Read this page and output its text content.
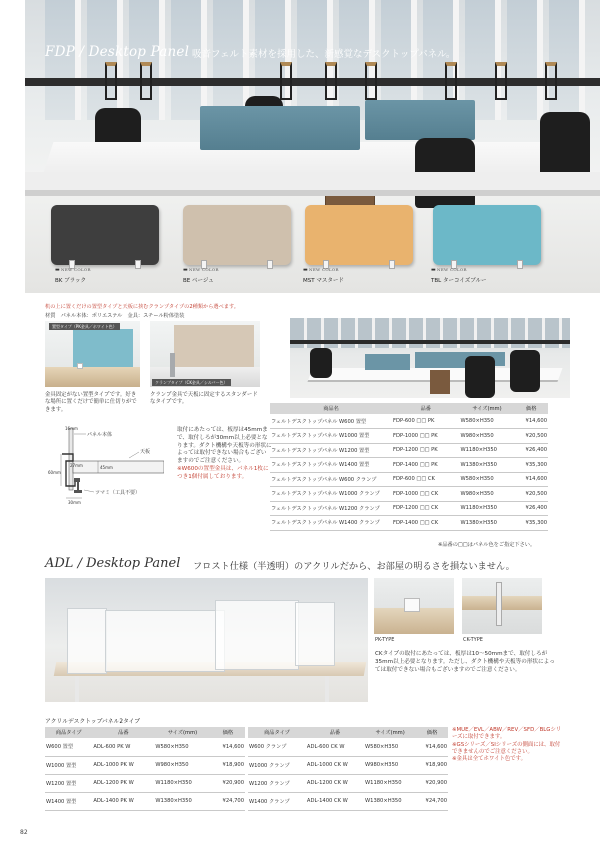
▬ NEW COLOR	▬ NEW COLOR	▬ NEW COLOR	▬ NEW COLOR
BK ブラック	BE ベージュ	MST マスタード	TBL ターコイズブルー
FDP / Desktop Panel 吸音フェルト素材を採用した、新感覚なデスクトップパネル。
机の上に置くだけの置型タイプと天板に挟むクランプタイプの2種類から選べます。
材質　パネル本体：ポリエステル　金具：スチール粉体塗装
置型タイプ（PK金具／ホワイト色）
クランプタイプ（CK金具／シルバー色）
金具固定がない置型タイプです。好きな場所に置くだけで簡単に仕切りができます。
クランプ金具で天板に固定するスタンダードなタイプです。
パネル本体
16mm
天板
27mm	45mm
60mm
ツマミ（工具不要）
30mm
取付にあたっては、板厚は45mmまで、取付しろが30mm以上必要となります。ダクト機構や天板等の形状によっては取付できない場合もございますのでご注意ください。
※W600の置型金具は、パネル1枚につき1個付属しております。
商品名	品番	サイズ(mm)	価格
フェルトデスクトップパネル W600 置型	FDP-600 □□ PK	W580×H350	¥14,600
フェルトデスクトップパネル W1000 置型	FDP-1000 □□ PK	W980×H350	¥20,500
フェルトデスクトップパネル W1200 置型	FDP-1200 □□ PK	W1180×H350	¥26,400
フェルトデスクトップパネル W1400 置型	FDP-1400 □□ PK	W1380×H350	¥35,300
フェルトデスクトップパネル W600 クランプ	FDP-600 □□ CK	W580×H350	¥14,600
フェルトデスクトップパネル W1000 クランプ	FDP-1000 □□ CK	W980×H350	¥20,500
フェルトデスクトップパネル W1200 クランプ	FDP-1200 □□ CK	W1180×H350	¥26,400
フェルトデスクトップパネル W1400 クランプ	FDP-1400 □□ CK	W1380×H350	¥35,300
※品番の□□はパネル色をご指定下さい。
ADL / Desktop Panel フロスト仕様（半透明）のアクリルだから、お部屋の明るさを損ないません。
PK-TYPE	CK-TYPE
CKタイプの取付にあたっては、板厚は10〜50mmまで、取付しろが35mm以上必要となります。ただし、ダクト機構や天板等の形状によっては取付できない場合もございますのでご注意ください。
アクリルデスクトップパネル2タイプ
商品タイプ	品番	サイズ(mm)	価格
W600 置型	ADL-600 PK W	W580×H350	¥14,600
W1000 置型	ADL-1000 PK W	W980×H350	¥18,900
W1200 置型	ADL-1200 PK W	W1180×H350	¥20,900
W1400 置型	ADL-1400 PK W	W1380×H350	¥24,700
商品タイプ	品番	サイズ(mm)	価格
W600 クランプ	ADL-600 CK W	W580×H350	¥14,600
W1000 クランプ	ADL-1000 CK W	W980×H350	¥18,900
W1200 クランプ	ADL-1200 CK W	W1180×H350	¥20,900
W1400 クランプ	ADL-1400 CK W	W1380×H350	¥24,700
※MUE／EVL／ABW／REV／SFD／BLGシリーズに取付できます。
※GSシリーズ／SIシリーズの側面には、取付できませんのでご注意ください。
※金具は全てホワイト色です。
82
